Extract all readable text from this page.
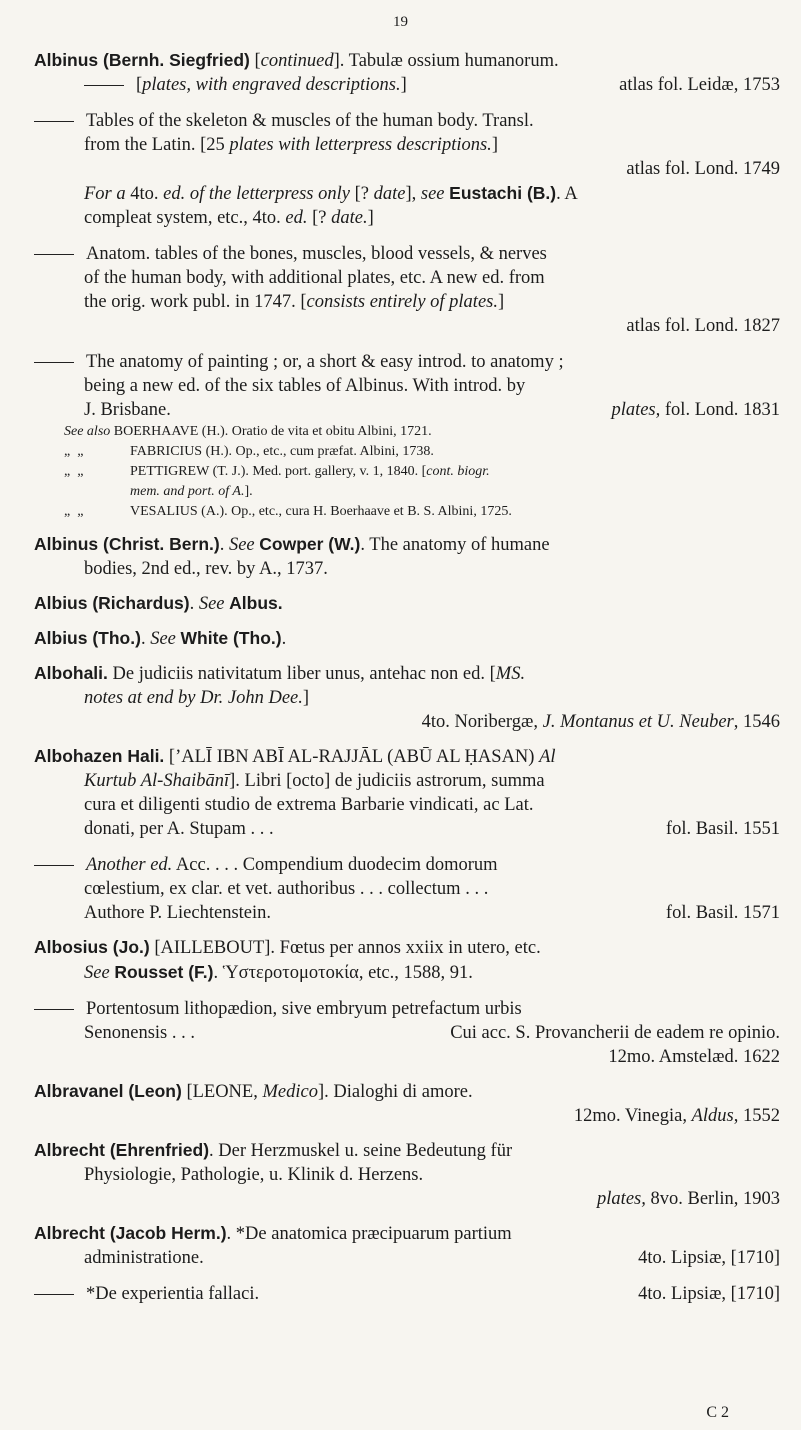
19
Albinus (Bernh. Siegfried) [continued]. Tabulæ ossium humanorum.
[plates, with engraved descriptions.]	atlas fol. Leidæ, 1753
Tables of the skeleton & muscles of the human body. Transl.
from the Latin. [25 plates with letterpress descriptions.]
atlas fol. Lond. 1749
For a 4to. ed. of the letterpress only [? date], see Eustachi (B.). A
compleat system, etc., 4to. ed. [? date.]
Anatom. tables of the bones, muscles, blood vessels, & nerves
of the human body, with additional plates, etc. A new ed. from
the orig. work publ. in 1747. [consists entirely of plates.]
atlas fol. Lond. 1827
The anatomy of painting ; or, a short & easy introd. to anatomy ;
being a new ed. of the six tables of Albinus. With introd. by
J. Brisbane.	plates, fol. Lond. 1831
See also BOERHAAVE (H.). Oratio de vita et obitu Albini, 1721.
„  „	FABRICIUS (H.). Op., etc., cum præfat. Albini, 1738.
„  „	PETTIGREW (T. J.). Med. port. gallery, v. 1, 1840. [cont. biogr.
mem. and port. of A.].
„  „	VESALIUS (A.). Op., etc., cura H. Boerhaave et B. S. Albini, 1725.
Albinus (Christ. Bern.). See Cowper (W.). The anatomy of humane
bodies, 2nd ed., rev. by A., 1737.
Albius (Richardus). See Albus.
Albius (Tho.). See White (Tho.).
Albohali. De judiciis nativitatum liber unus, antehac non ed. [MS.
notes at end by Dr. John Dee.]
4to. Noribergæ, J. Montanus et U. Neuber, 1546
Albohazen Hali. [’ALĪ IBN ABĪ AL-RAJJĀL (ABŪ AL ḤASAN) Al
Kurtub Al-Shaibānī]. Libri [octo] de judiciis astrorum, summa
cura et diligenti studio de extrema Barbarie vindicati, ac Lat.
donati, per A. Stupam . . .	fol. Basil. 1551
Another ed. Acc. . . . Compendium duodecim domorum
cœlestium, ex clar. et vet. authoribus . . . collectum . . .
Authore P. Liechtenstein.	fol. Basil. 1571
Albosius (Jo.) [AILLEBOUT]. Fœtus per annos xxiix in utero, etc.
See Rousset (F.). Ὑστεροτομοτοκία, etc., 1588, 91.
Portentosum lithopædion, sive embryum petrefactum urbis
Senonensis . . .	Cui acc. S. Provancherii de eadem re opinio.
12mo. Amstelæd. 1622
Albravanel (Leon) [LEONE, Medico]. Dialoghi di amore.
12mo. Vinegia, Aldus, 1552
Albrecht (Ehrenfried). Der Herzmuskel u. seine Bedeutung für
Physiologie, Pathologie, u. Klinik d. Herzens.
plates, 8vo. Berlin, 1903
Albrecht (Jacob Herm.). *De anatomica præcipuarum partium
administratione.	4to. Lipsiæ, [1710]
*De experientia fallaci.	4to. Lipsiæ, [1710]
C 2
